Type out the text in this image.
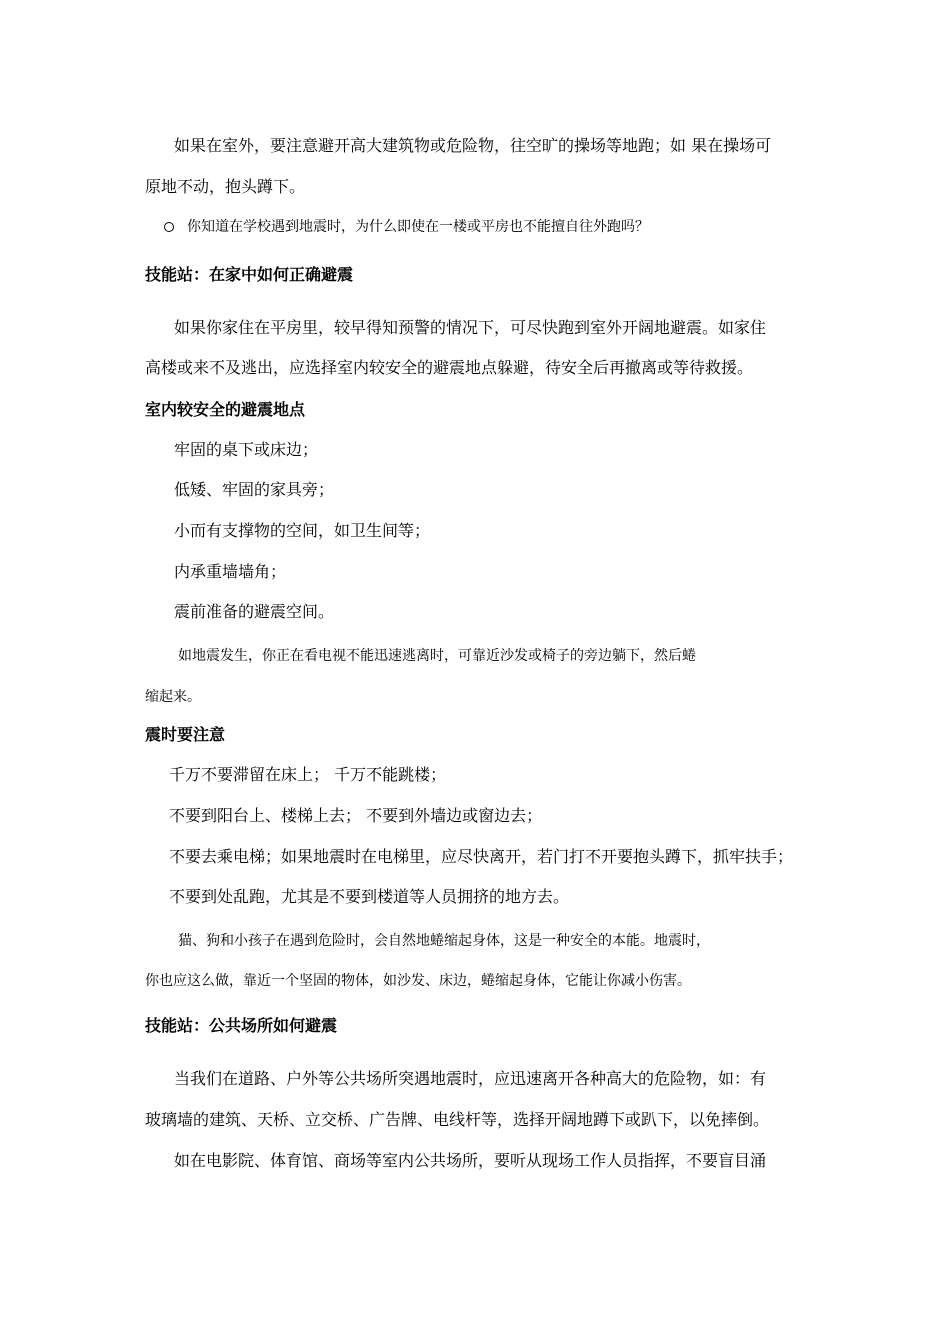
如果在室外，要注意避开高大建筑物或危险物，往空旷的操场等地跑；如 果在操场可
原地不动，抱头蹲下。
你知道在学校遇到地震时，为什么即使在一楼或平房也不能擅自往外跑吗？
技能站：在家中如何正确避震
如果你家住在平房里，较早得知预警的情况下，可尽快跑到室外开阔地避震。如家住
高楼或来不及逃出，应选择室内较安全的避震地点躲避，待安全后再撤离或等待救援。
室内较安全的避震地点
牢固的桌下或床边；
低矮、牢固的家具旁；
小而有支撑物的空间，如卫生间等；
内承重墙墙角；
震前准备的避震空间。
如地震发生，你正在看电视不能迅速逃离时，可靠近沙发或椅子的旁边躺下，然后蜷
缩起来。
震时要注意
千万不要滞留在床上； 千万不能跳楼；
不要到阳台上、楼梯上去； 不要到外墙边或窗边去；
不要去乘电梯；如果地震时在电梯里，应尽快离开，若门打不开要抱头蹲下，抓牢扶手；
不要到处乱跑，尤其是不要到楼道等人员拥挤的地方去。
猫、狗和小孩子在遇到危险时，会自然地蜷缩起身体，这是一种安全的本能。地震时，
你也应这么做，靠近一个坚固的物体，如沙发、床边，蜷缩起身体，它能让你减小伤害。
技能站：公共场所如何避震
当我们在道路、户外等公共场所突遇地震时，应迅速离开各种高大的危险物，如：有
玻璃墙的建筑、天桥、立交桥、广告牌、电线杆等，选择开阔地蹲下或趴下，以免摔倒。
如在电影院、体育馆、商场等室内公共场所，要听从现场工作人员指挥，不要盲目涌
